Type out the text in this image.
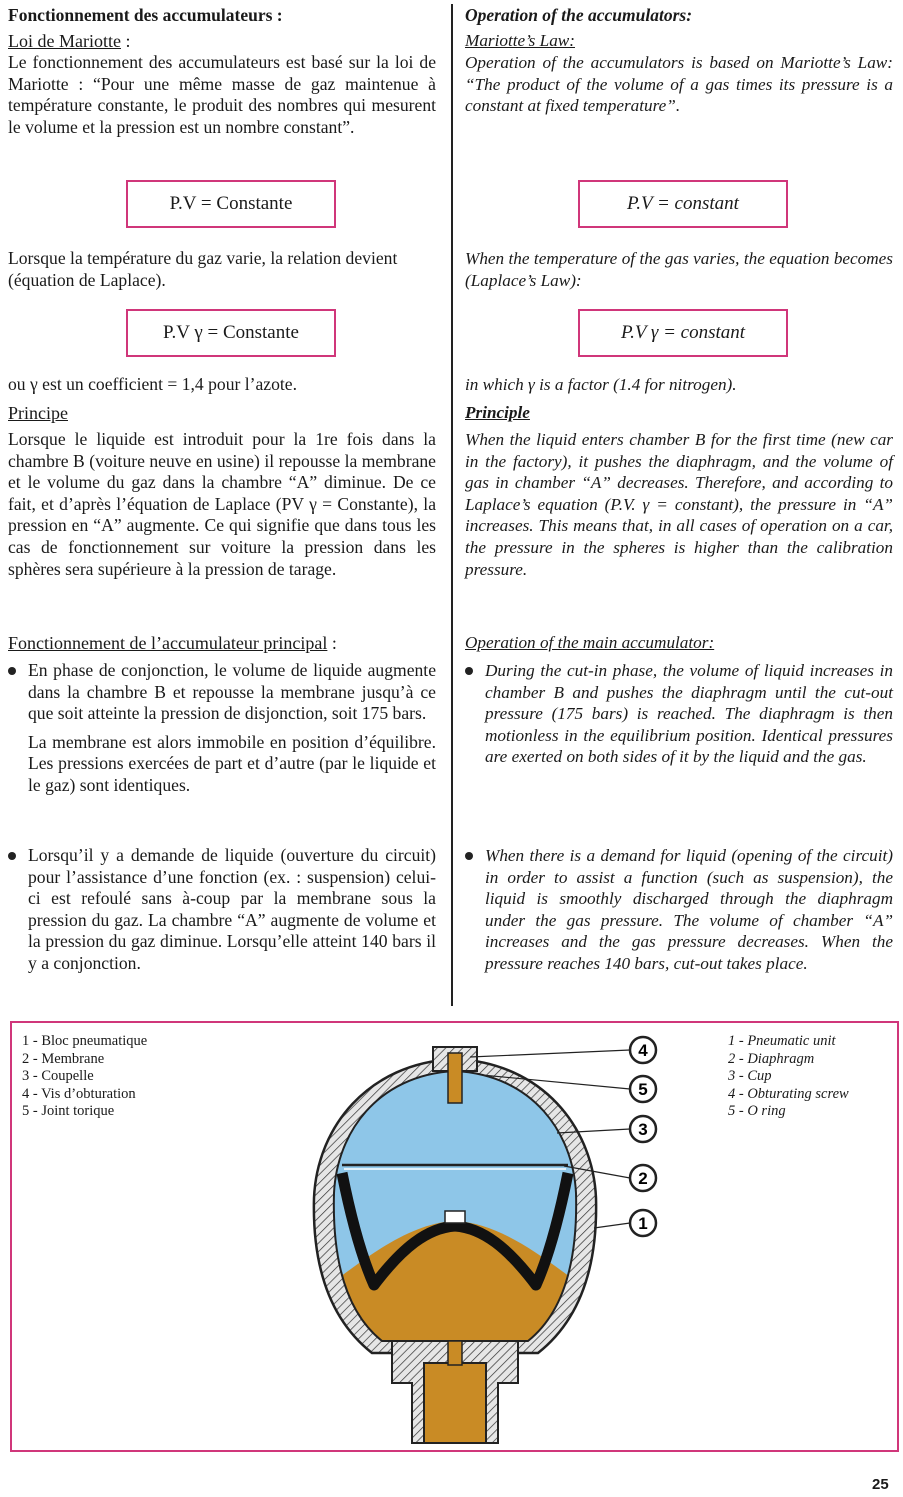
Fonctionnement des accumulateurs :

Loi de Mariotte :

Le fonctionnement des accumulateurs est basé sur la loi de Mariotte : “Pour une même masse de gaz maintenue à température constante, le produit des nombres qui mesurent le volume et la pression est un nombre constant”.

P.V = Constante

Lorsque la température du gaz varie, la relation devient (équation de Laplace).

P.V γ = Constante

ou γ est un coefficient = 1,4 pour l’azote.

Principe

Lorsque le liquide est introduit pour la 1re fois dans la chambre B (voiture neuve en usine) il repousse la membrane et le volume du gaz dans la chambre “A” diminue. De ce fait, et d’après l’équation de Laplace (PV γ = Constante), la pression en “A” augmente. Ce qui signifie que dans tous les cas de fonctionnement sur voiture la pression dans les sphères sera supérieure à la pression de tarage.

Fonctionnement de l’accumulateur principal :

En phase de conjonction, le volume de liquide augmente dans la chambre B et repousse la membrane jusqu’à ce que soit atteinte la pression de disjonction, soit 175 bars.

La membrane est alors immobile en position d’équilibre. Les pressions exercées de part et d’autre (par le liquide et le gaz) sont identiques.

Lorsqu’il y a demande de liquide (ouverture du circuit) pour l’assistance d’une fonction (ex. : suspension) celui-ci est refoulé sans à-coup par la membrane sous la pression du gaz. La chambre “A” augmente de volume et la pression du gaz diminue. Lorsqu’elle atteint 140 bars il y a conjonction.

Operation of the accumulators:

Mariotte’s Law:

Operation of the accumulators is based on Mariotte’s Law: “The product of the volume of a gas times its pressure is a constant at fixed temperature”.

P.V = constant

When the temperature of the gas varies, the equation becomes (Laplace’s Law):

P.V γ = constant

in which γ is a factor (1.4 for nitrogen).

Principle

When the liquid enters chamber B for the first time (new car in the factory), it pushes the diaphragm, and the volume of gas in chamber “A” decreases. Therefore, and according to Laplace’s equation (P.V. γ = constant), the pressure in “A” increases. This means that, in all cases of operation on a car, the pressure in the spheres is higher than the calibration pressure.

Operation of the main accumulator:

During the cut-in phase, the volume of liquid increases in chamber B and pushes the diaphragm until the cut-out pressure (175 bars) is reached. The diaphragm is then motionless in the equilibrium position. Identical pressures are exerted on both sides of it by the liquid and the gas.

When there is a demand for liquid (opening of the circuit) in order to assist a function (such as suspension), the liquid is smoothly discharged through the diaphragm under the gas pressure. The volume of chamber “A” increases and the gas pressure decreases. When the pressure reaches 140 bars, cut-out takes place.

1 - Bloc pneumatique
2 - Membrane
3 - Coupelle
4 - Vis d’obturation
5 - Joint torique
1 - Pneumatic unit
2 - Diaphragm
3 - Cup
4 - Obturating screw
5 - O ring
4
5
3
2
1
25
